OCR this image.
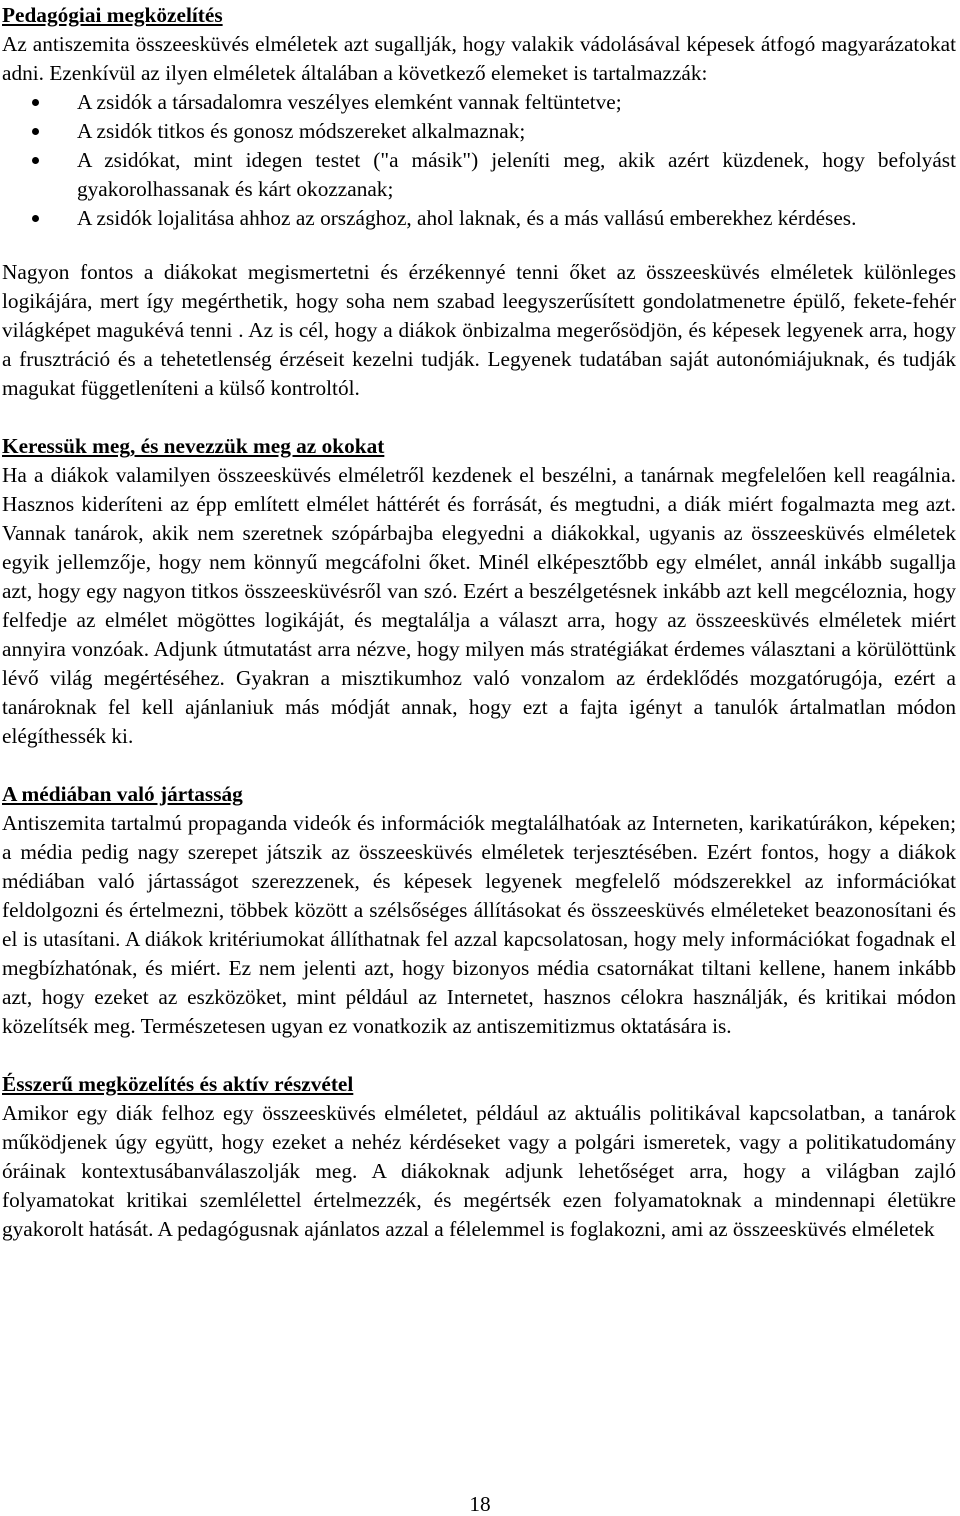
Pedagógiai megközelítés

Az antiszemita összeesküvés elméletek azt sugallják, hogy valakik vádolásával képesek átfogó magyarázatokat adni. Ezenkívül az ilyen elméletek általában a következő elemeket is tartalmazzák:

A zsidók a társadalomra veszélyes elemként vannak feltüntetve;
A zsidók titkos és gonosz módszereket alkalmaznak;
A zsidókat, mint idegen testet ("a másik") jeleníti meg, akik azért küzdenek, hogy befolyást gyakorolhassanak és kárt okozzanak;
A zsidók lojalitása ahhoz az országhoz, ahol laknak, és a más vallású emberekhez kérdéses.

Nagyon fontos a diákokat megismertetni és érzékennyé tenni őket az összeesküvés elméletek különleges logikájára, mert így megérthetik, hogy soha nem szabad leegyszerűsített gondolatmenetre épülő, fekete-fehér világképet magukévá tenni . Az is cél, hogy a diákok önbizalma megerősödjön, és képesek legyenek arra, hogy a frusztráció és a tehetetlenség érzéseit kezelni tudják. Legyenek tudatában saját autonómiájuknak, és tudják magukat függetleníteni a külső kontroltól.

Keressük meg, és nevezzük meg az okokat

Ha a diákok valamilyen összeesküvés elméletről kezdenek el beszélni, a tanárnak megfelelően kell reagálnia. Hasznos kideríteni az épp említett elmélet háttérét és forrását, és megtudni, a diák miért fogalmazta meg azt. Vannak tanárok, akik nem szeretnek szópárbajba elegyedni a diákokkal, ugyanis az összeesküvés elméletek egyik jellemzője, hogy nem könnyű megcáfolni őket. Minél elképesztőbb egy elmélet, annál inkább sugallja azt, hogy egy nagyon titkos összeesküvésről van szó. Ezért a beszélgetésnek inkább azt kell megcéloznia, hogy felfedje az elmélet mögöttes logikáját, és megtalálja a választ arra, hogy az összeesküvés elméletek miért annyira vonzóak. Adjunk útmutatást arra nézve, hogy milyen más stratégiákat érdemes választani a körülöttünk lévő világ megértéséhez. Gyakran a misztikumhoz való vonzalom az érdeklődés mozgatórugója, ezért a tanároknak fel kell ajánlaniuk más módját annak, hogy ezt a fajta igényt a tanulók ártalmatlan módon elégíthessék ki.

A médiában való jártasság

Antiszemita tartalmú propaganda videók és információk megtalálhatóak az Interneten, karikatúrákon, képeken; a média pedig nagy szerepet játszik az összeesküvés elméletek terjesztésében. Ezért fontos, hogy a diákok médiában való jártasságot szerezzenek, és képesek legyenek megfelelő módszerekkel az információkat feldolgozni és értelmezni, többek között a szélsőséges állításokat és összeesküvés elméleteket beazonosítani és el is utasítani. A diákok kritériumokat állíthatnak fel azzal kapcsolatosan, hogy mely információkat fogadnak el megbízhatónak, és miért. Ez nem jelenti azt, hogy bizonyos média csatornákat tiltani kellene, hanem inkább azt, hogy ezeket az eszközöket, mint például az Internetet, hasznos célokra használják, és kritikai módon közelítsék meg. Természetesen ugyan ez vonatkozik az antiszemitizmus oktatására is.

Ésszerű megközelítés és aktív részvétel

Amikor egy diák felhoz egy összeesküvés elméletet, például az aktuális politikával kapcsolatban, a tanárok működjenek úgy együtt, hogy ezeket a nehéz kérdéseket vagy a polgári ismeretek, vagy a politikatudomány óráinak kontextusábanválaszolják meg. A diákoknak adjunk lehetőséget arra, hogy a világban zajló folyamatokat kritikai szemlélettel értelmezzék, és megértsék ezen folyamatoknak a mindennapi életükre gyakorolt hatását. A pedagógusnak ajánlatos azzal a félelemmel is foglakozni, ami az összeesküvés elméletek

18
